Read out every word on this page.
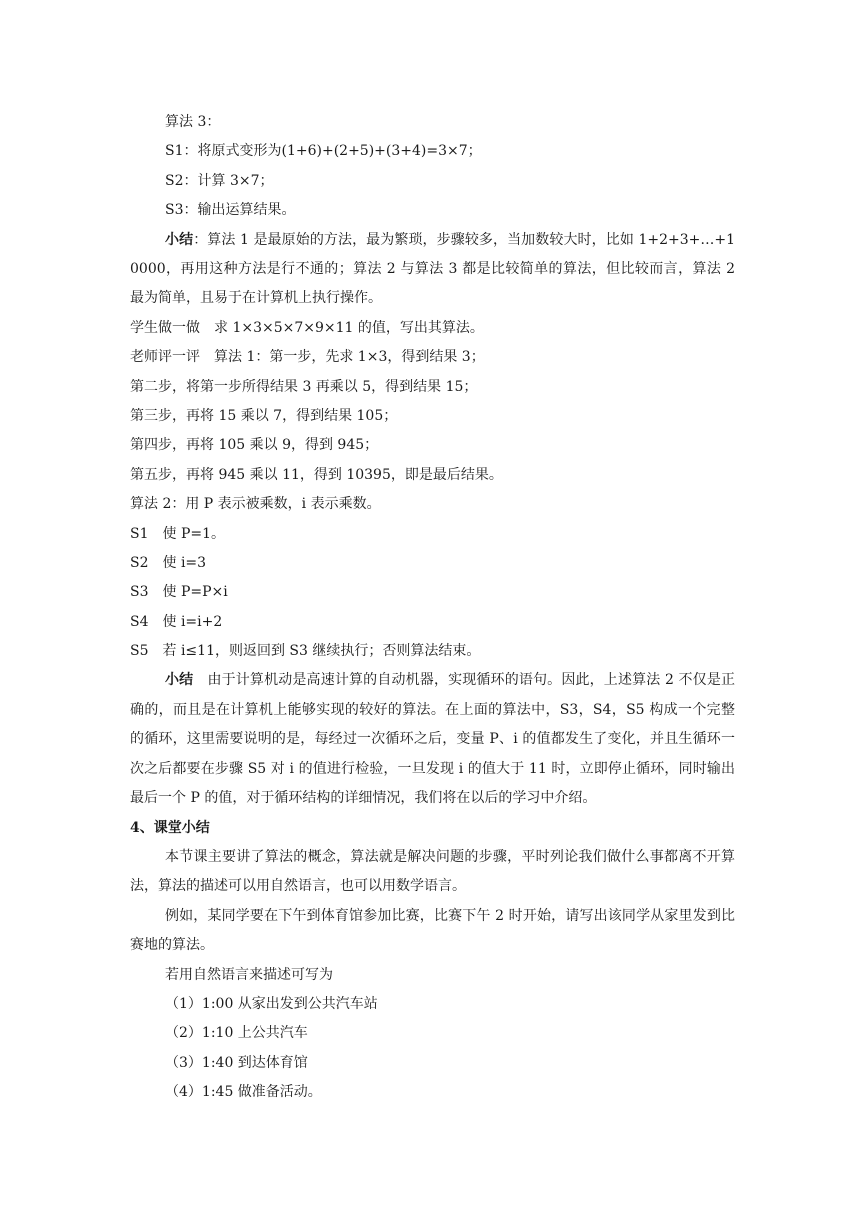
算法 3：
S1：将原式变形为(1+6)+(2+5)+(3+4)=3×7；
S2：计算 3×7；
S3：输出运算结果。
小结：算法 1 是最原始的方法，最为繁琐，步骤较多，当加数较大时，比如 1+2+3+…+10000，再用这种方法是行不通的；算法 2 与算法 3 都是比较简单的算法，但比较而言，算法 2 最为简单，且易于在计算机上执行操作。
学生做一做　求 1×3×5×7×9×11 的值，写出其算法。
老师评一评　算法 1：第一步，先求 1×3，得到结果 3；
第二步，将第一步所得结果 3 再乘以 5，得到结果 15；
第三步，再将 15 乘以 7，得到结果 105；
第四步，再将 105 乘以 9，得到 945；
第五步，再将 945 乘以 11，得到 10395，即是最后结果。
算法 2：用 P 表示被乘数，i 表示乘数。
S1　使 P=1。
S2　使 i=3
S3　使 P=P×i
S4　使 i=i+2
S5　若 i≤11，则返回到 S3 继续执行；否则算法结束。
小结　由于计算机动是高速计算的自动机器，实现循环的语句。因此，上述算法 2 不仅是正确的，而且是在计算机上能够实现的较好的算法。在上面的算法中，S3，S4，S5 构成一个完整的循环，这里需要说明的是，每经过一次循环之后，变量 P、i 的值都发生了变化，并且生循环一次之后都要在步骤 S5 对 i 的值进行检验，一旦发现 i 的值大于 11 时，立即停止循环，同时输出最后一个 P 的值，对于循环结构的详细情况，我们将在以后的学习中介绍。
4、课堂小结
本节课主要讲了算法的概念，算法就是解决问题的步骤，平时列论我们做什么事都离不开算法，算法的描述可以用自然语言，也可以用数学语言。
例如，某同学要在下午到体育馆参加比赛，比赛下午 2 时开始，请写出该同学从家里发到比赛地的算法。
若用自然语言来描述可写为
（1）1:00 从家出发到公共汽车站
（2）1:10 上公共汽车
（3）1:40 到达体育馆
（4）1:45 做准备活动。
